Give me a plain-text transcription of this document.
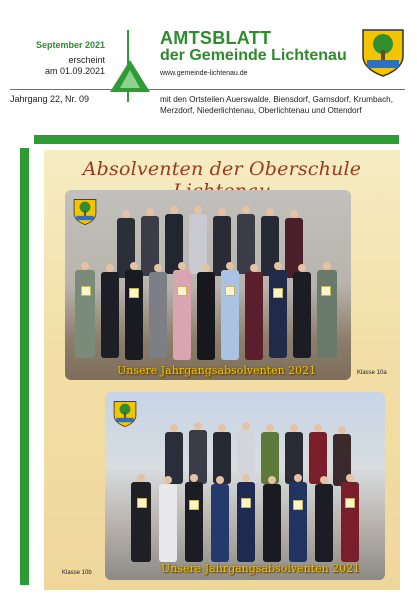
September 2021
erscheint
am 01.09.2021
AMTSBLATT
der Gemeinde Lichtenau
www.gemeinde-lichtenau.de
Jahrgang 22, Nr. 09	mit den Ortsteilen Auerswalde, Biensdorf, Garnsdorf, Krumbach, Merzdorf, Niederlichtenau, Oberlichtenau und Ottendorf
Absolventen der Oberschule
Unsere Jahrgangsabsolventen 2021	Klasse 10a
Unsere Jahrgangsabsolventen 2021
Klasse 10b
